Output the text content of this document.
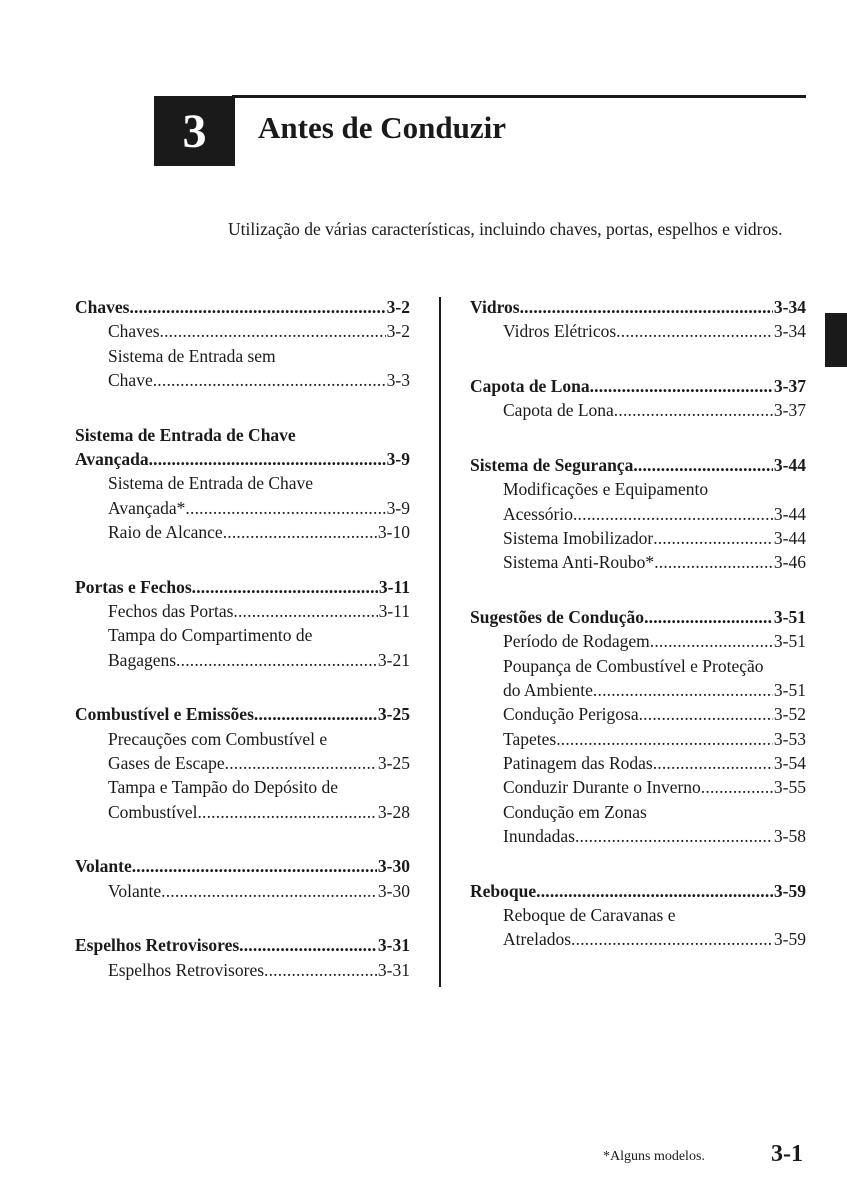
3 Antes de Conduzir
Utilização de várias características, incluindo chaves, portas, espelhos e vidros.
Chaves .....	3-2
Chaves .....	3-2
Sistema de Entrada sem
Chave .....	3-3
Sistema de Entrada de Chave
Avançada .....	3-9
Sistema de Entrada de Chave
Avançada* .....	3-9
Raio de Alcance .....	3-10
Portas e Fechos .....	3-11
Fechos das Portas .....	3-11
Tampa do Compartimento de
Bagagens .....	3-21
Combustível e Emissões .....	3-25
Precauções com Combustível e
Gases de Escape .....	3-25
Tampa e Tampão do Depósito de
Combustível .....	3-28
Volante .....	3-30
Volante .....	3-30
Espelhos Retrovisores .....	3-31
Espelhos Retrovisores .....	3-31
Vidros .....	3-34
Vidros Elétricos .....	3-34
Capota de Lona .....	3-37
Capota de Lona .....	3-37
Sistema de Segurança .....	3-44
Modificações e Equipamento
Acessório .....	3-44
Sistema Imobilizador .....	3-44
Sistema Anti-Roubo* .....	3-46
Sugestões de Condução .....	3-51
Período de Rodagem .....	3-51
Poupança de Combustível e Proteção
do Ambiente .....	3-51
Condução Perigosa .....	3-52
Tapetes .....	3-53
Patinagem das Rodas .....	3-54
Conduzir Durante o Inverno .....	3-55
Condução em Zonas
Inundadas .....	3-58
Reboque .....	3-59
Reboque de Caravanas e
Atrelados .....	3-59
*Alguns modelos.	3-1
